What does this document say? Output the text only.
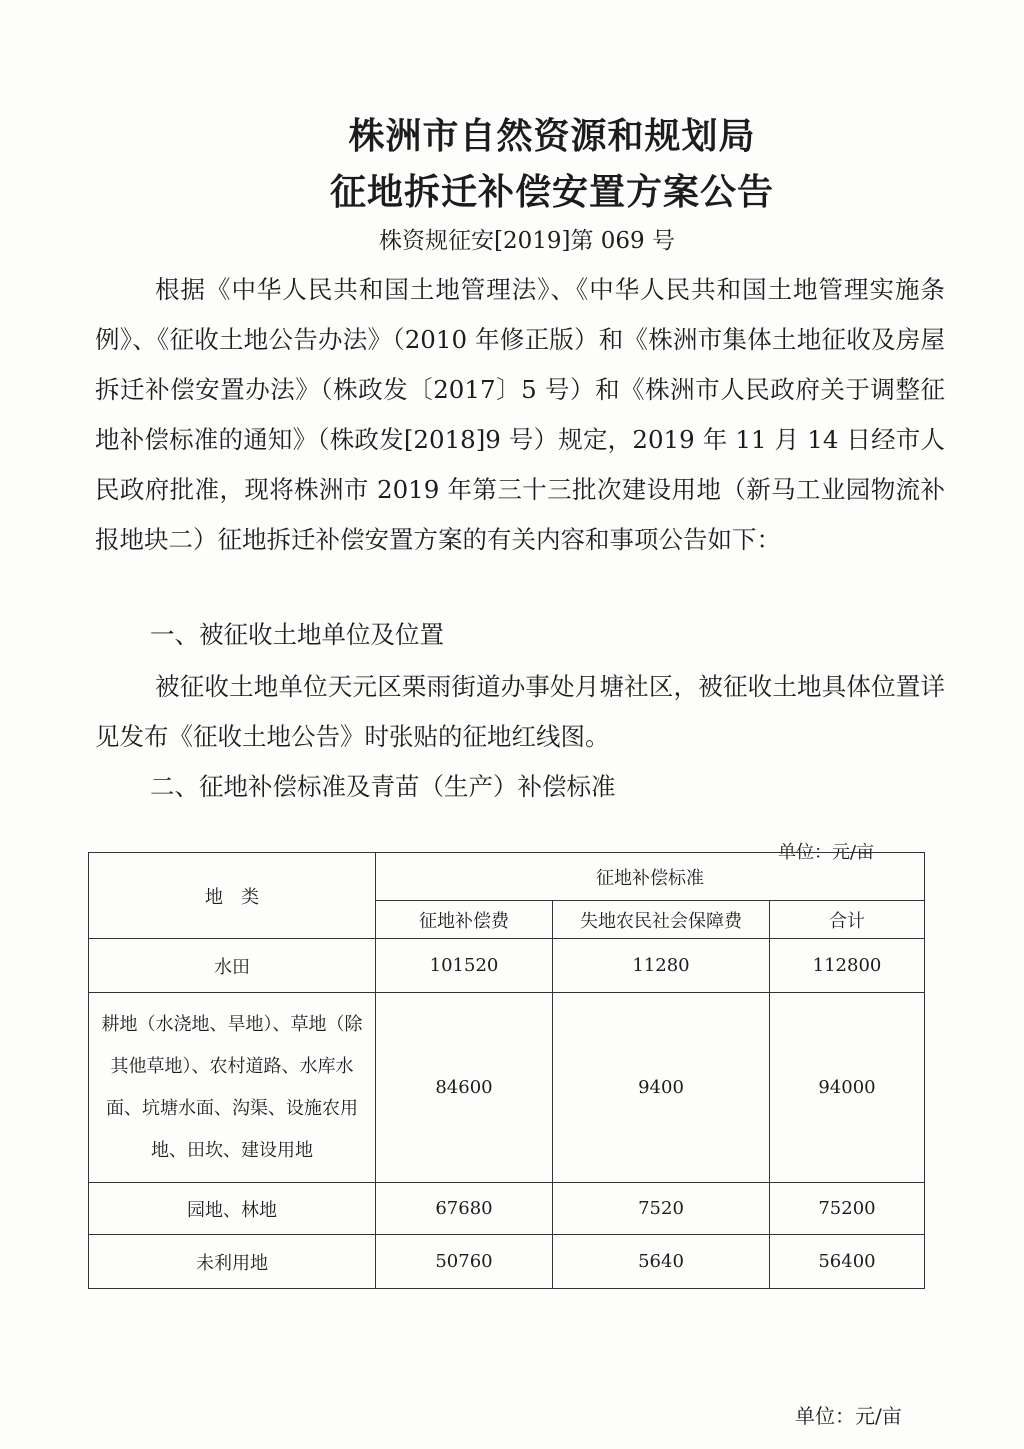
株洲市自然资源和规划局
征地拆迁补偿安置方案公告
株资规征安[2019]第 069 号
根据《中华人民共和国土地管理法》、《中华人民共和国土地管理实施条例》、《征收土地公告办法》（2010 年修正版）和《株洲市集体土地征收及房屋拆迁补偿安置办法》（株政发〔2017〕5 号）和《株洲市人民政府关于调整征地补偿标准的通知》（株政发[2018]9 号）规定，2019 年 11 月 14 日经市人民政府批准，现将株洲市 2019 年第三十三批次建设用地（新马工业园物流补报地块二）征地拆迁补偿安置方案的有关内容和事项公告如下：
一、被征收土地单位及位置
被征收土地单位天元区栗雨街道办事处月塘社区，被征收土地具体位置详见发布《征收土地公告》时张贴的征地红线图。
二、征地补偿标准及青苗（生产）补偿标准
单位：元/亩
地　类	征地补偿标准		
	征地补偿费	失地农民社会保障费	合计
水田	101520	11280	112800
耕地（水浇地、旱地）、草地（除其他草地）、农村道路、水库水面、坑塘水面、沟渠、设施农用地、田坎、建设用地	84600	9400	94000
园地、林地	67680	7520	75200
未利用地	50760	5640	56400
单位：元/亩
